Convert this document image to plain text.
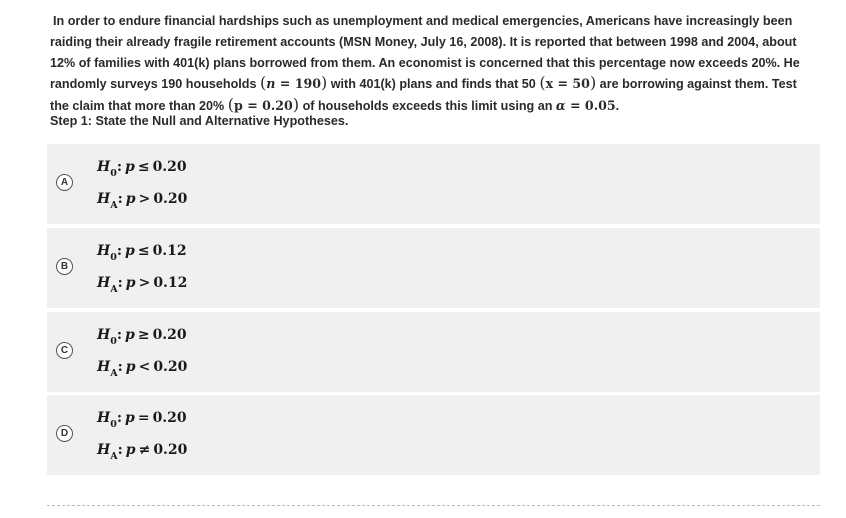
In order to endure financial hardships such as unemployment and medical emergencies, Americans have increasingly been
raiding their already fragile retirement accounts (MSN Money, July 16, 2008). It is reported that between 1998 and 2004, about
12% of families with 401(k) plans borrowed from them. An economist is concerned that this percentage now exceeds 20%. He
randomly surveys 190 households (n = 190) with 401(k) plans and finds that 50 (x = 50) are borrowing against them. Test
the claim that more than 20% (p = 0.20) of households exceeds this limit using an α = 0.05.
Step 1: State the Null and Alternative Hypotheses.
A
$H_0$: p ≤ 0.20
$H_A$: p > 0.20
B
$H_0$: p ≤ 0.12
$H_A$: p > 0.12
C
$H_0$: p ≥ 0.20
$H_A$: p < 0.20
D
$H_0$: p = 0.20
$H_A$: p ≠ 0.20
